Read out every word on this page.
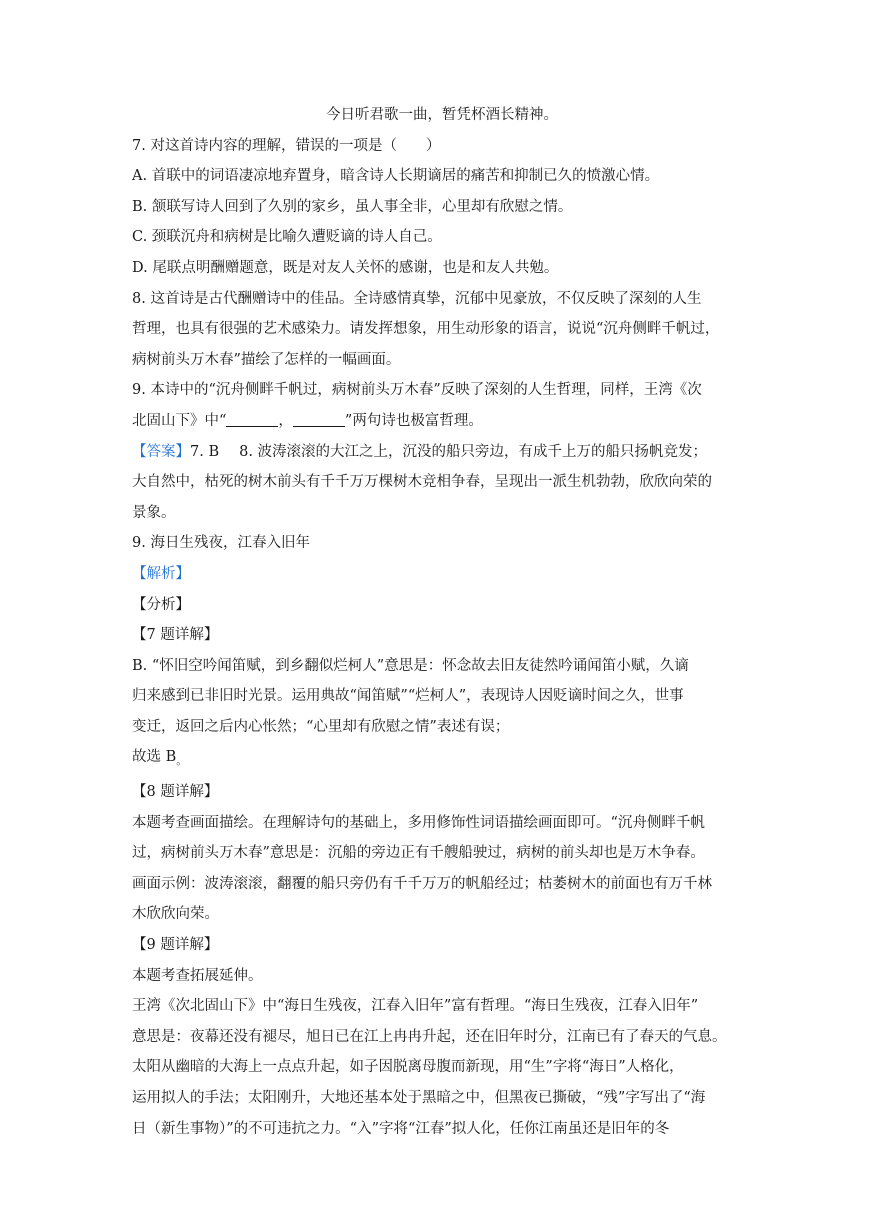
今日听君歌一曲，暂凭杯酒长精神。
7. 对这首诗内容的理解，错误的一项是（　　）
A. 首联中的词语凄凉地弃置身，暗含诗人长期谪居的痛苦和抑制已久的愤激心情。
B. 颔联写诗人回到了久别的家乡，虽人事全非，心里却有欣慰之情。
C. 颈联沉舟和病树是比喻久遭贬谪的诗人自己。
D. 尾联点明酬赠题意，既是对友人关怀的感谢，也是和友人共勉。
8. 这首诗是古代酬赠诗中的佳品。全诗感情真挚，沉郁中见豪放，不仅反映了深刻的人生
哲理，也具有很强的艺术感染力。请发挥想象，用生动形象的语言，说说“沉舟侧畔千帆过，
病树前头万木春”描绘了怎样的一幅画面。
9. 本诗中的“沉舟侧畔千帆过，病树前头万木春”反映了深刻的人生哲理，同样，王湾《次
北固山下》中“	，	”两句诗也极富哲理。
【答案】7. B 8. 波涛滚滚的大江之上，沉没的船只旁边，有成千上万的船只扬帆竞发；
大自然中，枯死的树木前头有千千万万棵树木竞相争春，呈现出一派生机勃勃，欣欣向荣的
景象。
9. 海日生残夜，江春入旧年
【解析】
【分析】
【7 题详解】
B. “怀旧空吟闻笛赋，到乡翻似烂柯人”意思是：怀念故去旧友徒然吟诵闻笛小赋，久谪
归来感到已非旧时光景。运用典故“闻笛赋”“烂柯人”，表现诗人因贬谪时间之久，世事
变迁，返回之后内心怅然；“心里却有欣慰之情”表述有误；
故选 $B_。$
【8 题详解】
本题考查画面描绘。在理解诗句的基础上，多用修饰性词语描绘画面即可。“沉舟侧畔千帆
过，病树前头万木春”意思是：沉船的旁边正有千艘船驶过，病树的前头却也是万木争春。
画面示例：波涛滚滚，翻覆的船只旁仍有千千万万的帆船经过；枯萎树木的前面也有万千林
木欣欣向荣。
【9 题详解】
本题考查拓展延伸。
王湾《次北固山下》中“海日生残夜，江春入旧年”富有哲理。“海日生残夜，江春入旧年”
意思是：夜幕还没有褪尽，旭日已在江上冉冉升起，还在旧年时分，江南已有了春天的气息。
太阳从幽暗的大海上一点点升起，如子因脱离母腹而新现，用“生”字将“海日”人格化，
运用拟人的手法；太阳刚升，大地还基本处于黑暗之中，但黑夜已撕破，“残”字写出了“海
日（新生事物）”的不可违抗之力。“入”字将“江春”拟人化，任你江南虽还是旧年的冬
